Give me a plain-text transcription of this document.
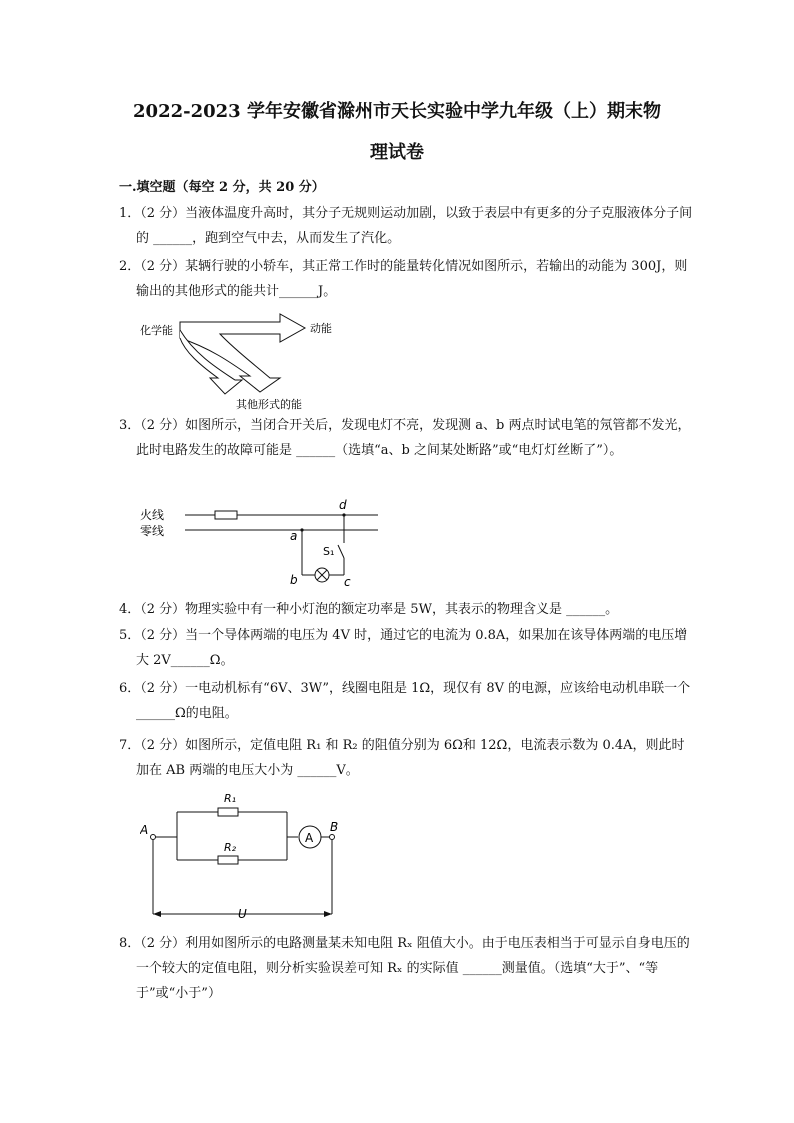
2022-2023 学年安徽省滁州市天长实验中学九年级（上）期末物
理试卷
一.填空题（每空 2 分，共 20 分）
1．（2 分）当液体温度升高时，其分子无规则运动加剧，以致于表层中有更多的分子克服液体分子间的 ______，跑到空气中去，从而发生了汽化。
2．（2 分）某辆行驶的小轿车，其正常工作时的能量转化情况如图所示，若输出的动能为 300J，则输出的其他形式的能共计______J。
化学能	动能
其他形式的能
3．（2 分）如图所示，当闭合开关后，发现电灯不亮，发现测 a、b 两点时试电笔的氖管都不发光，此时电路发生的故障可能是 ______（选填“a、b 之间某处断路”或“电灯灯丝断了”）。
火线
零线	a
b	c
d
S₁
4．（2 分）物理实验中有一种小灯泡的额定功率是 5W，其表示的物理含义是 ______。
5．（2 分）当一个导体两端的电压为 4V 时，通过它的电流为 0.8A，如果加在该导体两端的电压增大 2V______Ω。
6．（2 分）一电动机标有“6V、3W”，线圈电阻是 1Ω，现仅有 8V 的电源，应该给电动机串联一个 ______Ω的电阻。
7．（2 分）如图所示，定值电阻 R₁ 和 R₂ 的阻值分别为 6Ω和 12Ω，电流表示数为 0.4A，则此时加在 AB 两端的电压大小为 ______V。
A
R₁
R₂
A	B
U
8．（2 分）利用如图所示的电路测量某未知电阻 Rₓ 阻值大小。由于电压表相当于可显示自身电压的一个较大的定值电阻，则分析实验误差可知 Rₓ 的实际值 ______测量值。（选填“大于”、“等于”或“小于”）
